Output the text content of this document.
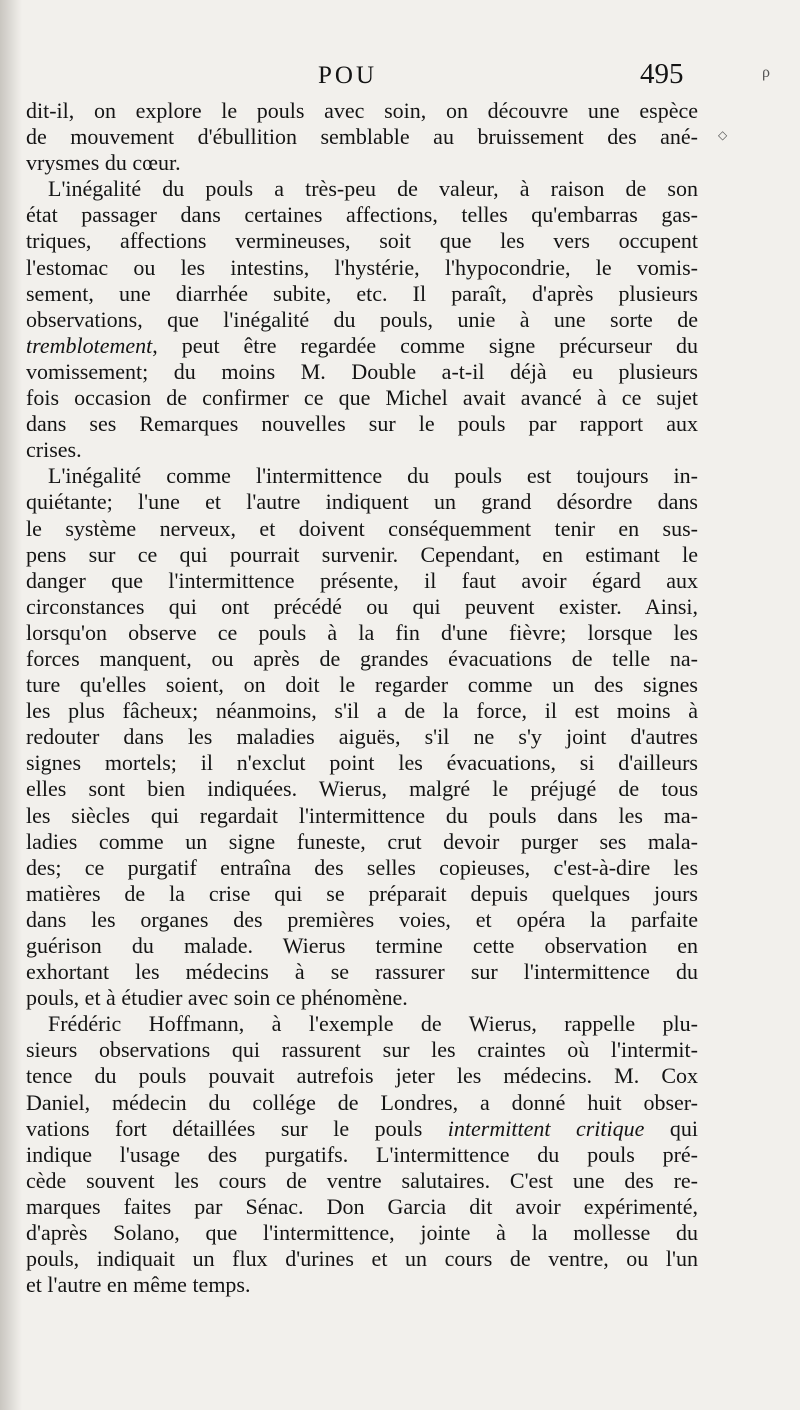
POU	495
dit-il, on explore le pouls avec soin, on découvre une espèce
de mouvement d'ébullition semblable au bruissement des ané-
vrysmes du cœur.
L'inégalité du pouls a très-peu de valeur, à raison de son
état passager dans certaines affections, telles qu'embarras gas-
triques, affections vermineuses, soit que les vers occupent
l'estomac ou les intestins, l'hystérie, l'hypocondrie, le vomis-
sement, une diarrhée subite, etc. Il paraît, d'après plusieurs
observations, que l'inégalité du pouls, unie à une sorte de
tremblotement, peut être regardée comme signe précurseur du
vomissement; du moins M. Double a-t-il déjà eu plusieurs
fois occasion de confirmer ce que Michel avait avancé à ce sujet
dans ses Remarques nouvelles sur le pouls par rapport aux
crises.
L'inégalité comme l'intermittence du pouls est toujours in-
quiétante; l'une et l'autre indiquent un grand désordre dans
le système nerveux, et doivent conséquemment tenir en sus-
pens sur ce qui pourrait survenir. Cependant, en estimant le
danger que l'intermittence présente, il faut avoir égard aux
circonstances qui ont précédé ou qui peuvent exister. Ainsi,
lorsqu'on observe ce pouls à la fin d'une fièvre; lorsque les
forces manquent, ou après de grandes évacuations de telle na-
ture qu'elles soient, on doit le regarder comme un des signes
les plus fâcheux; néanmoins, s'il a de la force, il est moins à
redouter dans les maladies aiguës, s'il ne s'y joint d'autres
signes mortels; il n'exclut point les évacuations, si d'ailleurs
elles sont bien indiquées. Wierus, malgré le préjugé de tous
les siècles qui regardait l'intermittence du pouls dans les ma-
ladies comme un signe funeste, crut devoir purger ses mala-
des; ce purgatif entraîna des selles copieuses, c'est-à-dire les
matières de la crise qui se préparait depuis quelques jours
dans les organes des premières voies, et opéra la parfaite
guérison du malade. Wierus termine cette observation en
exhortant les médecins à se rassurer sur l'intermittence du
pouls, et à étudier avec soin ce phénomène.
Frédéric Hoffmann, à l'exemple de Wierus, rappelle plu-
sieurs observations qui rassurent sur les craintes où l'intermit-
tence du pouls pouvait autrefois jeter les médecins. M. Cox
Daniel, médecin du collége de Londres, a donné huit obser-
vations fort détaillées sur le pouls intermittent critique qui
indique l'usage des purgatifs. L'intermittence du pouls pré-
cède souvent les cours de ventre salutaires. C'est une des re-
marques faites par Sénac. Don Garcia dit avoir expérimenté,
d'après Solano, que l'intermittence, jointe à la mollesse du
pouls, indiquait un flux d'urines et un cours de ventre, ou l'un
et l'autre en même temps.
ρ
◇
